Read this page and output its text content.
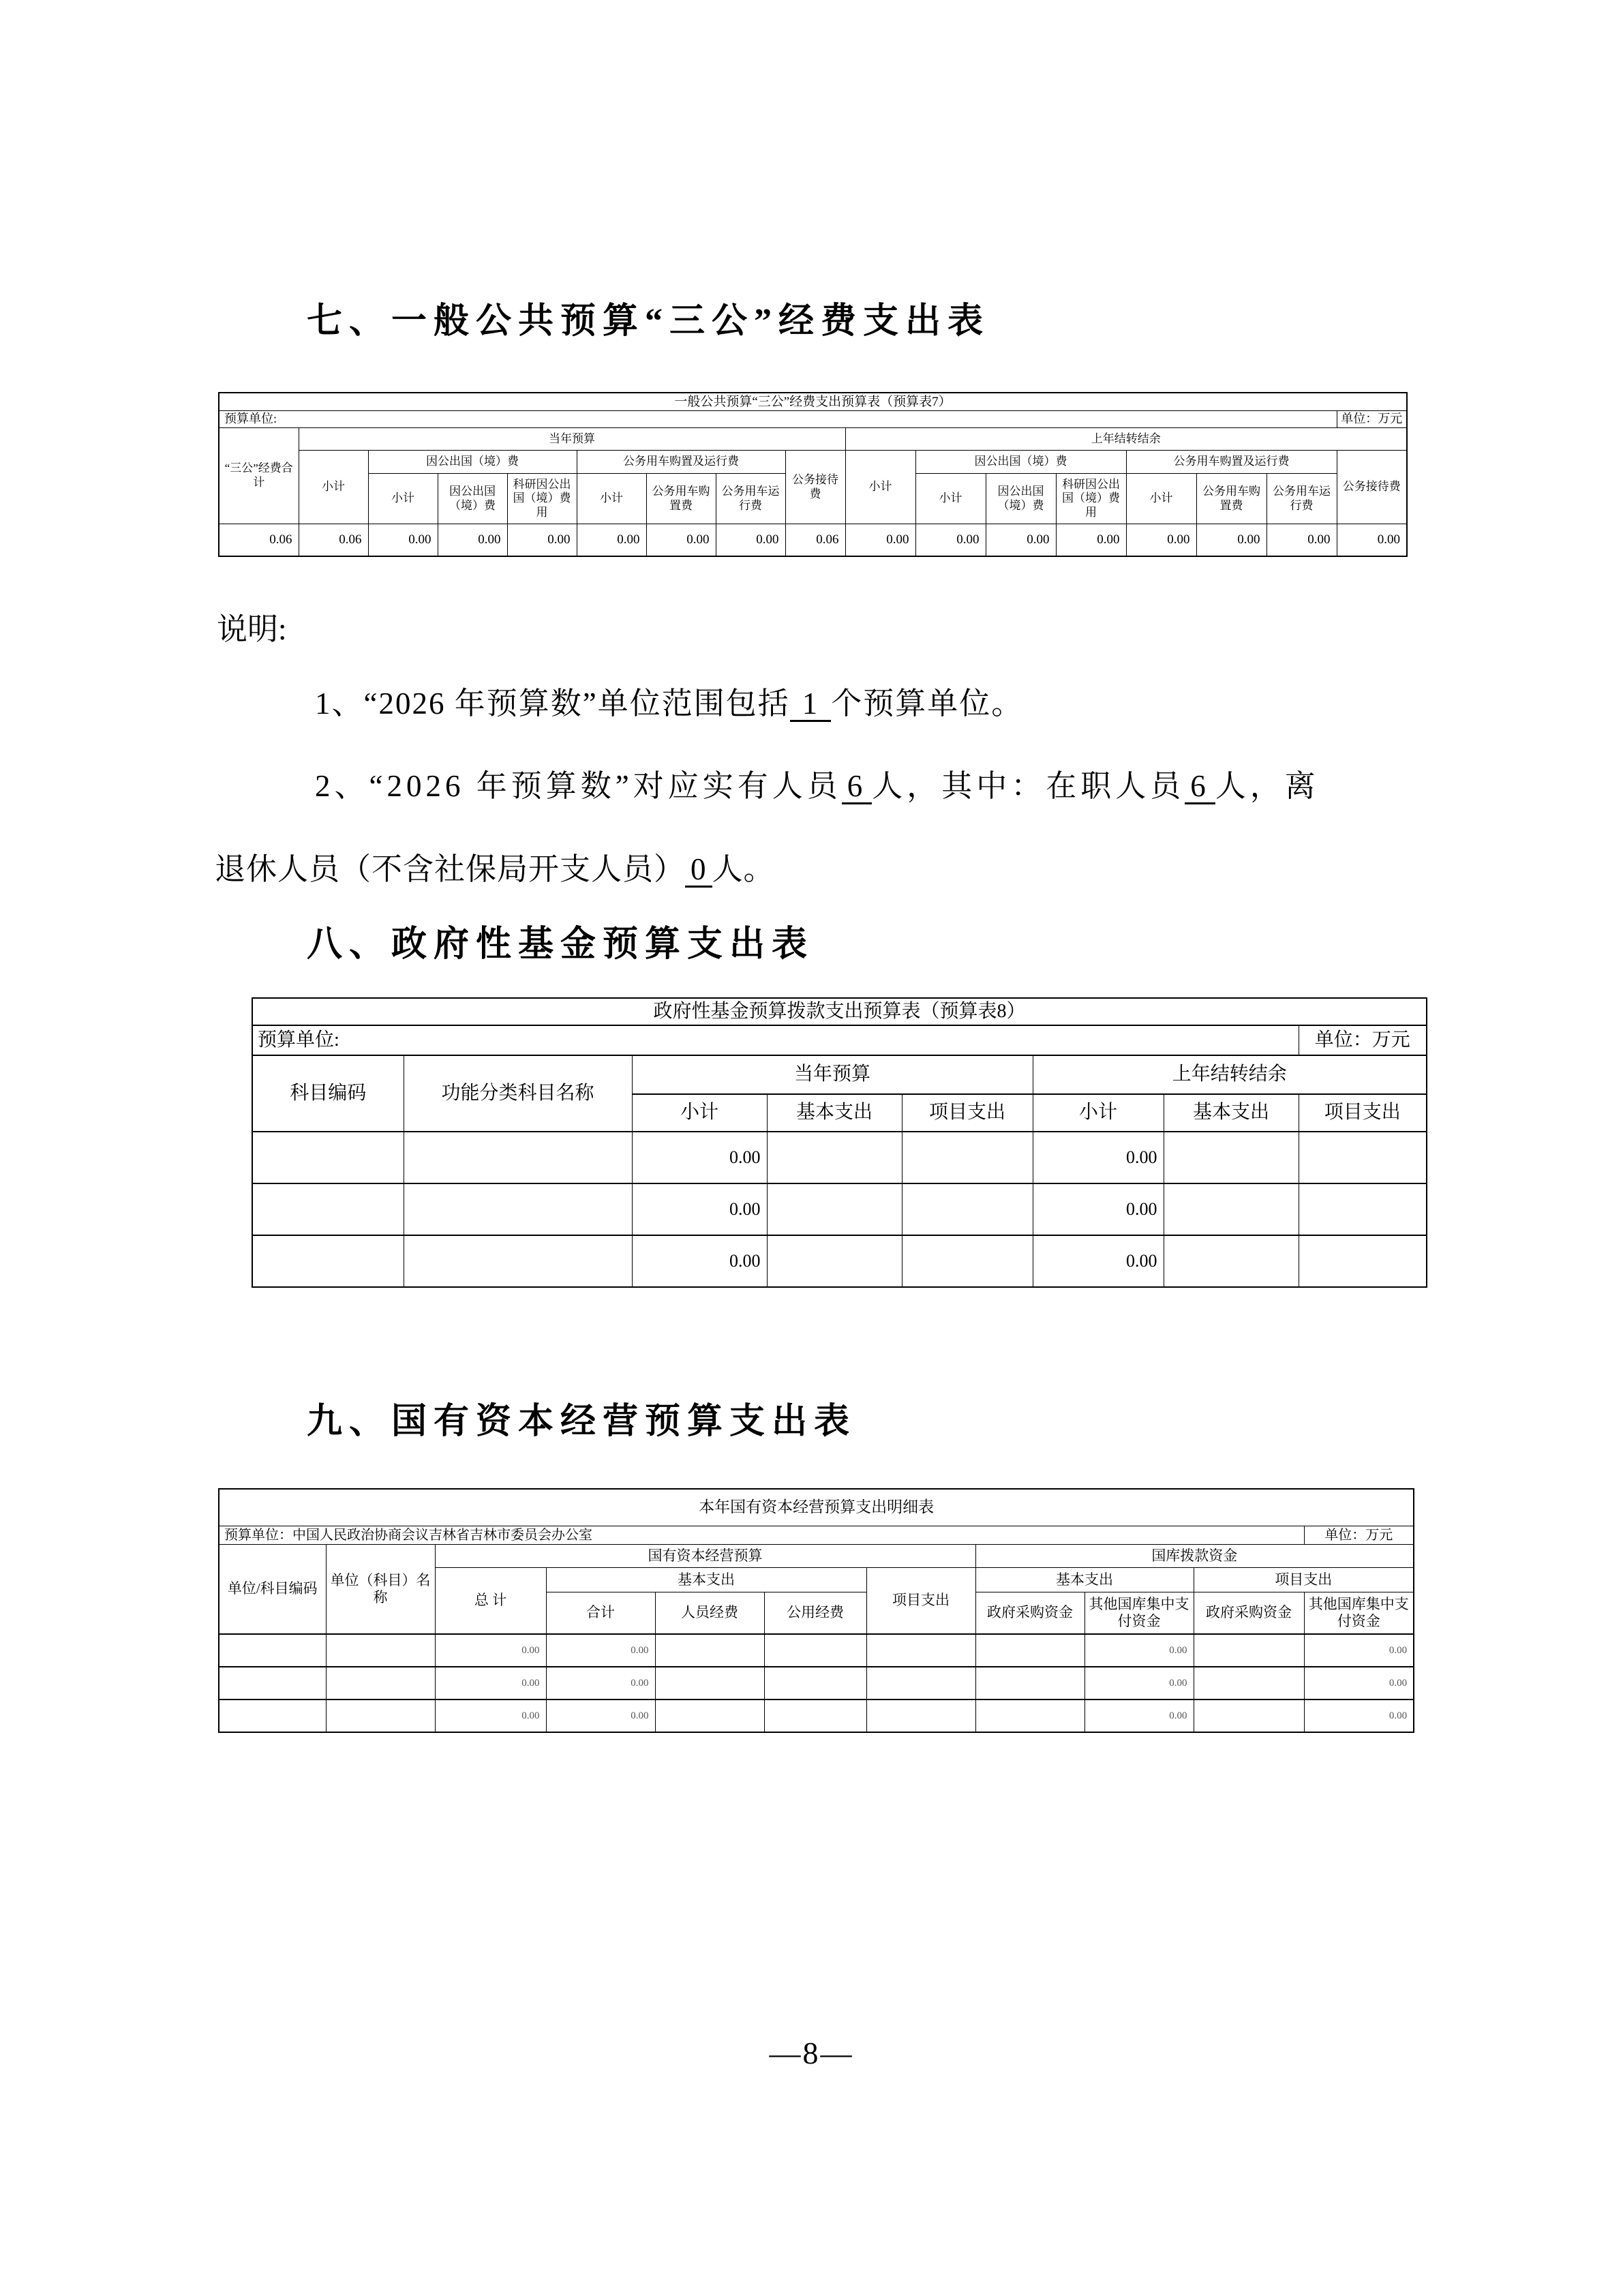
七、一般公共预算“三公”经费支出表
一般公共预算“三公”经费支出预算表（预算表7）																
预算单位:																单位：万元
“三公”经费合计	当年预算								上年结转结余							
	小计	因公出国（境）费			公务用车购置及运行费			公务接待费	小计	因公出国（境）费			公务用车购置及运行费			公务接待费
		小计	因公出国（境）费	科研因公出国（境）费用	小计	公务用车购置费	公务用车运行费			小计	因公出国（境）费	科研因公出国（境）费用	小计	公务用车购置费	公务用车运行费	
0.06	0.06	0.00	0.00	0.00	0.00	0.00	0.00	0.06	0.00	0.00	0.00	0.00	0.00	0.00	0.00	0.00

说明:

1、“2026 年预算数”单位范围包括 1 个预算单位。

2、“2026 年预算数”对应实有人员 6 人，其中：在职人员 6 人，离

退休人员（不含社保局开支人员） 0 人。

八、政府性基金预算支出表
政府性基金预算拨款支出预算表（预算表8）							
预算单位:							单位：万元
科目编码	功能分类科目名称	当年预算			上年结转结余		
		小计	基本支出	项目支出	小计	基本支出	项目支出
		0.00			0.00		
		0.00			0.00		
		0.00			0.00		
九、国有资本经营预算支出表
本年国有资本经营预算支出明细表										
预算单位：中国人民政治协商会议吉林省吉林市委员会办公室										单位：万元
单位/科目编码	单位（科目）名称	国有资本经营预算					国库拨款资金			
		总 计	基本支出			项目支出	基本支出		项目支出	
			合计	人员经费	公用经费		政府采购资金	其他国库集中支付资金	政府采购资金	其他国库集中支付资金
		0.00	0.00					0.00		0.00
		0.00	0.00					0.00		0.00
		0.00	0.00					0.00		0.00
—8—
